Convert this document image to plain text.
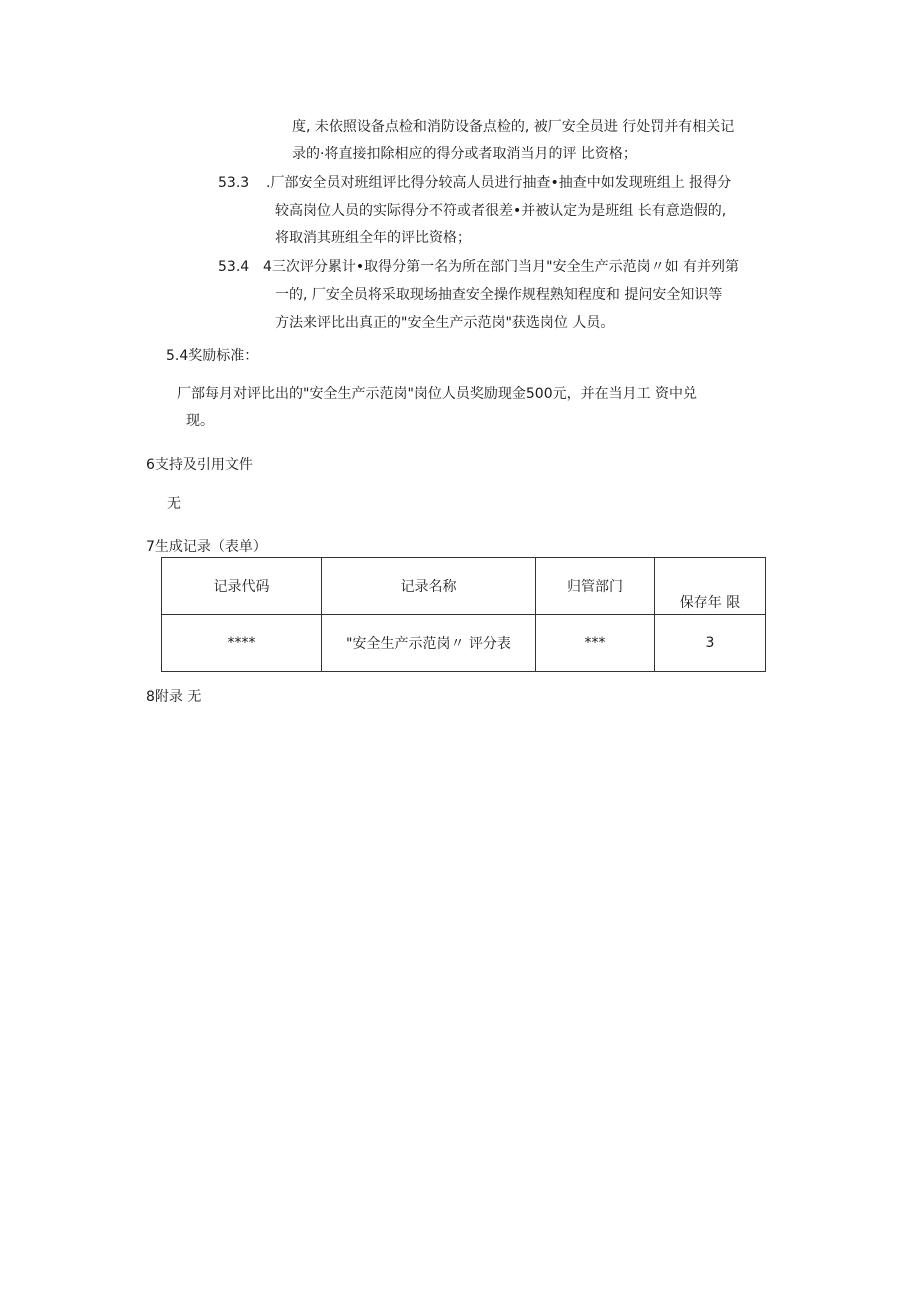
度, 未依照设备点检和消防设备点检的, 被厂安全员进 行处罚并有相关记
录的·将直接扣除相应的得分或者取消当月的评 比资格；
53.3 .厂部安全员对班组评比得分较高人员进行抽查•抽查中如发现班组上 报得分
较高岗位人员的实际得分不符或者很差•并被认定为是班组 长有意造假的,
将取消其班组全年的评比资格；
53.4 4三次评分累计•取得分第一名为所在部门当月"安全生产示范岗〃如 有并列第
一的, 厂安全员将采取现场抽查安全操作规程熟知程度和 提问安全知识等
方法来评比出真正的"安全生产示范岗"获选岗位 人员。
5.4奖励标准：
厂部每月对评比出的"安全生产示范岗"岗位人员奖励现金500元，并在当月工 资中兑
现。
6支持及引用文件
无
7生成记录（表单）
记录代码	记录名称	归管部门	保存年 限
****	"安全生产示范岗〃 评分表	***	3
8附录 无
